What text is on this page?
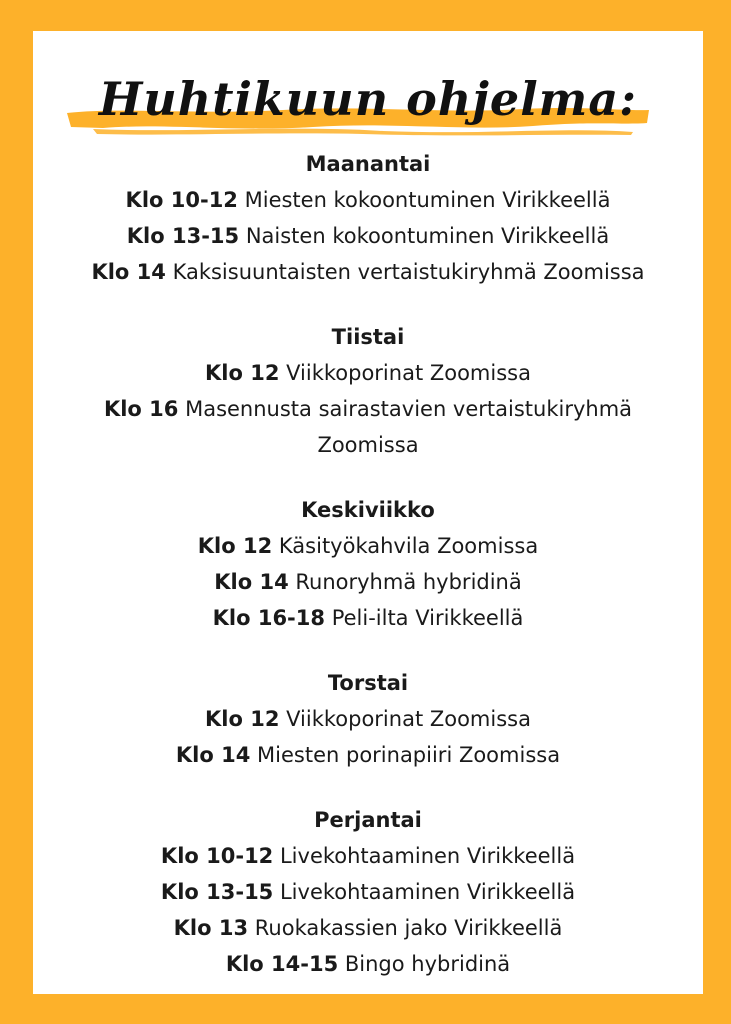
Huhtikuun ohjelma:

Maanantai

Klo 10-12 Miesten kokoontuminen Virikkeellä

Klo 13-15 Naisten kokoontuminen Virikkeellä

Klo 14 Kaksisuuntaisten vertaistukiryhmä Zoomissa

Tiistai

Klo 12 Viikkoporinat Zoomissa

Klo 16 Masennusta sairastavien vertaistukiryhmä Zoomissa

Keskiviikko

Klo 12 Käsityökahvila Zoomissa

Klo 14 Runoryhmä hybridinä

Klo 16-18 Peli-ilta Virikkeellä

Torstai

Klo 12 Viikkoporinat Zoomissa

Klo 14 Miesten porinapiiri Zoomissa

Perjantai

Klo 10-12 Livekohtaaminen Virikkeellä

Klo 13-15 Livekohtaaminen Virikkeellä

Klo 13 Ruokakassien jako Virikkeellä

Klo 14-15 Bingo hybridinä
